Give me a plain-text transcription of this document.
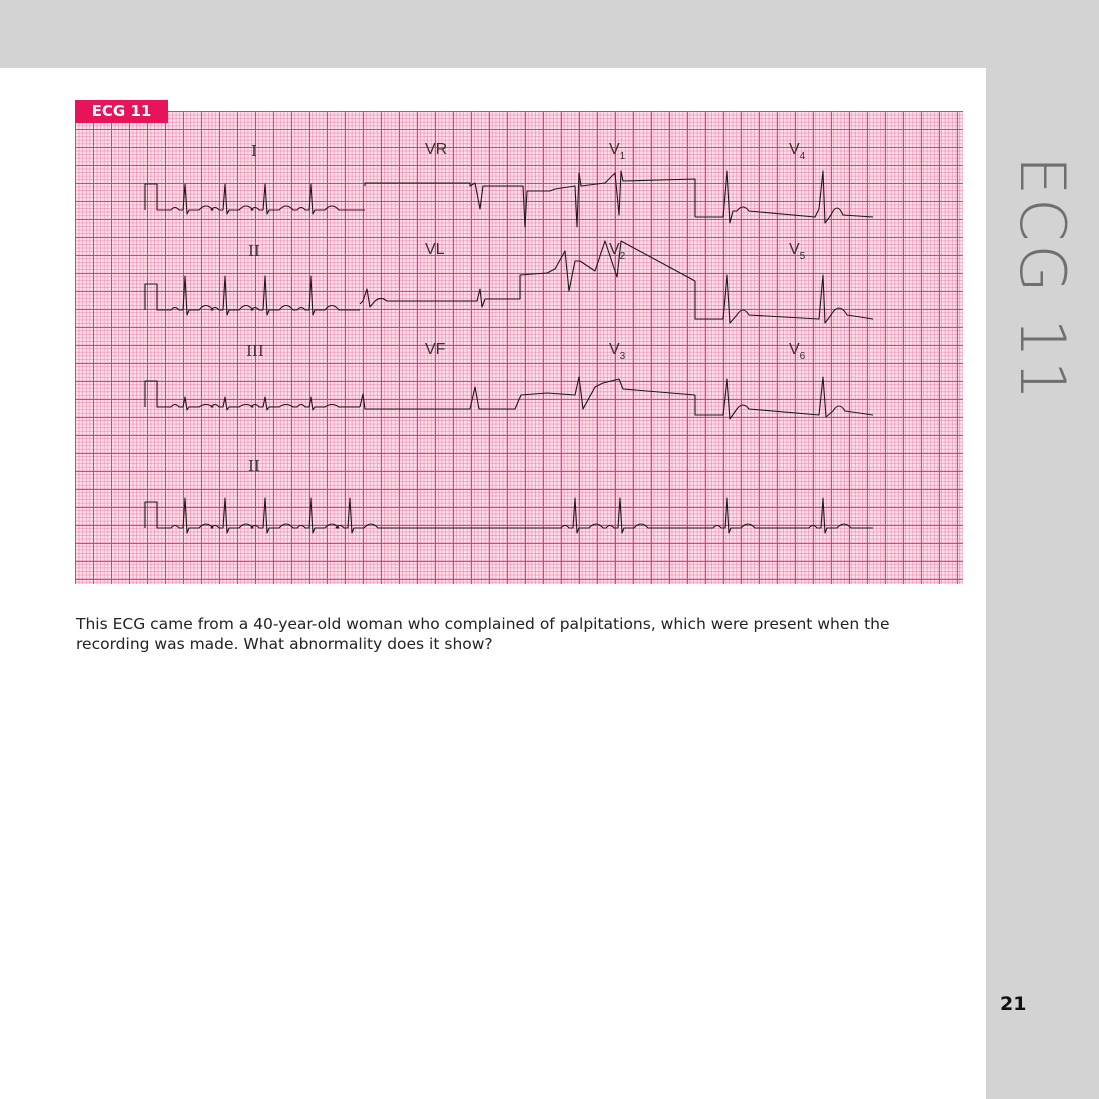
ECG 11
ECG 11
I	VR	$V_1$	$V_4$
II	VL	$V_2$	$V_5$
III	VF	$V_3$	$V_6$
II
This ECG came from a 40-year-old woman who complained of palpitations, which were present when the recording was made. What abnormality does it show?
21
